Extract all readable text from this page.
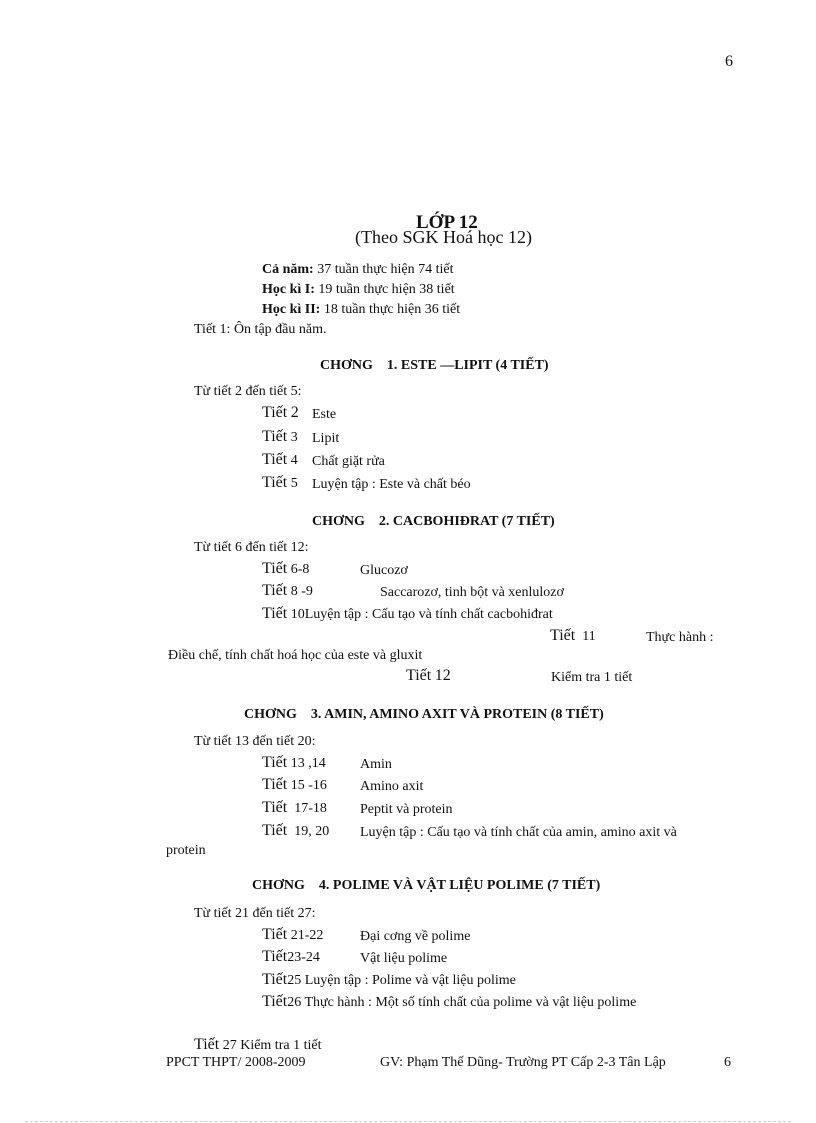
6
LỚP 12
(Theo SGK Hoá học 12)
Cả năm: 37 tuần thực hiện 74 tiết
Học kì I: 19 tuần thực hiện 38 tiết
Học kì II: 18 tuần thực hiện 36 tiết
Tiết 1: Ôn tập đầu năm.
CHƠNG 1. ESTE —LIPIT (4 TIẾT)
Từ tiết 2 đến tiết 5:
Tiết 2 Este
Tiết 3 Lipit
Tiết 4 Chất giặt rửa
Tiết 5 Luyện tập : Este và chất béo
CHƠNG 2. CACBOHIĐRAT (7 TIẾT)
Từ tiết 6 đến tiết 12:
Tiết 6-8	Glucozơ
Tiết 8 -9	Saccarozơ, tinh bột và xenlulozơ
Tiết 10Luyện tập : Cấu tạo và tính chất cacbohiđrat
Tiết 11	Thực hành :
Điều chế, tính chất hoá học của este và gluxit
Tiết 12	Kiểm tra 1 tiết
CHƠNG 3. AMIN, AMINO AXIT VÀ PROTEIN (8 TIẾT)
Từ tiết 13 đến tiết 20:
Tiết 13 ,14 Amin
Tiết 15 -16 Amino axit
Tiết 17-18 Peptit và protein
Tiết 19, 20 Luyện tập : Cấu tạo và tính chất của amin, amino axit và
protein
CHƠNG 4. POLIME VÀ VẬT LIỆU POLIME (7 TIẾT)
Từ tiết 21 đến tiết 27:
Tiết 21-22	Đại cơng về polime
Tiết23-24	Vật liệu polime
Tiết25 Luyện tập : Polime và vật liệu polime
Tiết26 Thực hành : Một số tính chất của polime và vật liệu polime
Tiết 27 Kiểm tra 1 tiết
PPCT THPT/ 2008-2009	GV: Phạm Thế Dũng- Trường PT Cấp 2-3 Tân Lập	6
